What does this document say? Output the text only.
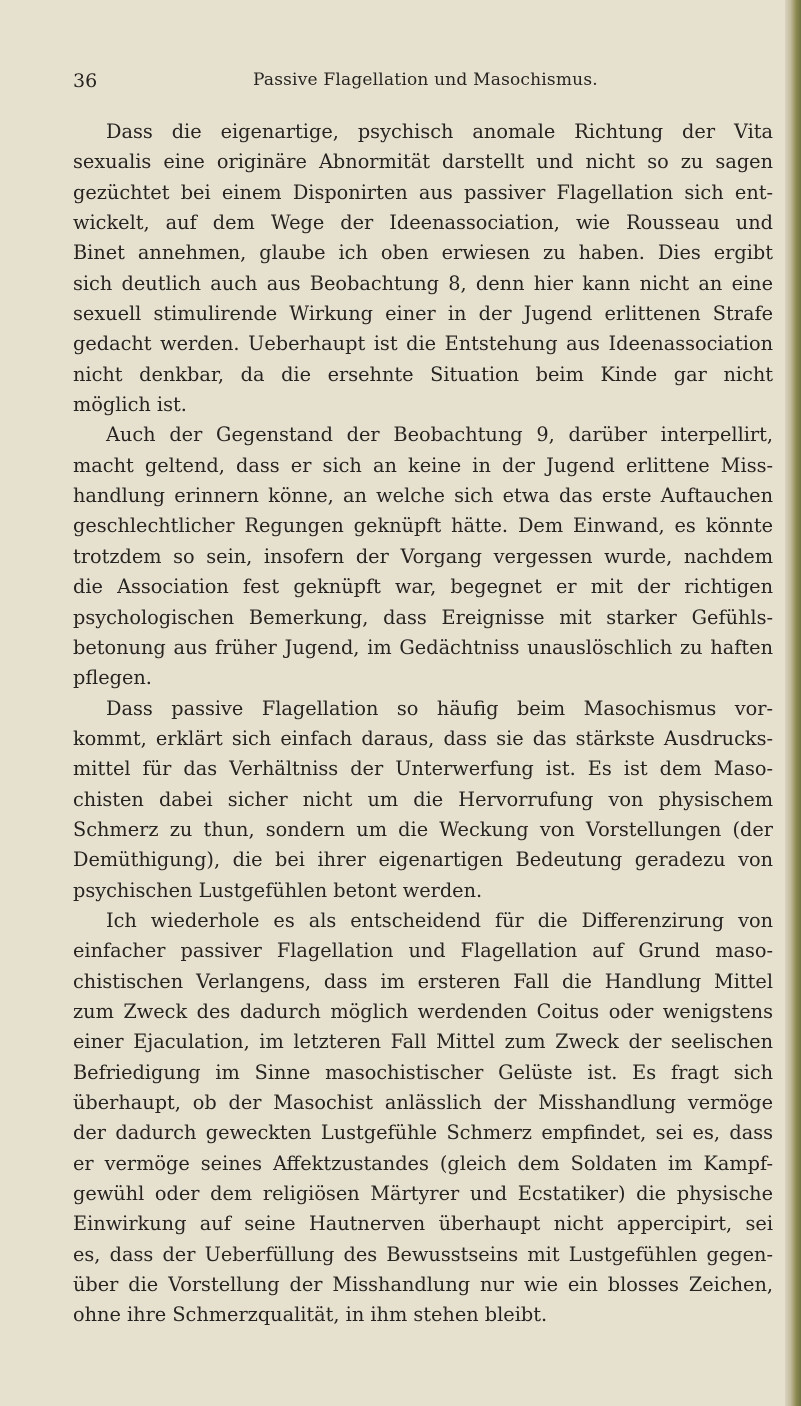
36	Passive Flagellation und Masochismus.
Dass die eigenartige, psychisch anomale Richtung der Vita
sexualis eine originäre Abnormität darstellt und nicht so zu sagen
gezüchtet bei einem Disponirten aus passiver Flagellation sich ent-
wickelt, auf dem Wege der Ideenassociation, wie Rousseau und
Binet annehmen, glaube ich oben erwiesen zu haben. Dies ergibt
sich deutlich auch aus Beobachtung 8, denn hier kann nicht an eine
sexuell stimulirende Wirkung einer in der Jugend erlittenen Strafe
gedacht werden. Ueberhaupt ist die Entstehung aus Ideenassociation
nicht denkbar, da die ersehnte Situation beim Kinde gar nicht
möglich ist.
Auch der Gegenstand der Beobachtung 9, darüber interpellirt,
macht geltend, dass er sich an keine in der Jugend erlittene Miss-
handlung erinnern könne, an welche sich etwa das erste Auftauchen
geschlechtlicher Regungen geknüpft hätte. Dem Einwand, es könnte
trotzdem so sein, insofern der Vorgang vergessen wurde, nachdem
die Association fest geknüpft war, begegnet er mit der richtigen
psychologischen Bemerkung, dass Ereignisse mit starker Gefühls-
betonung aus früher Jugend, im Gedächtniss unauslöschlich zu haften
pflegen.
Dass passive Flagellation so häufig beim Masochismus vor-
kommt, erklärt sich einfach daraus, dass sie das stärkste Ausdrucks-
mittel für das Verhältniss der Unterwerfung ist. Es ist dem Maso-
chisten dabei sicher nicht um die Hervorrufung von physischem
Schmerz zu thun, sondern um die Weckung von Vorstellungen (der
Demüthigung), die bei ihrer eigenartigen Bedeutung geradezu von
psychischen Lustgefühlen betont werden.
Ich wiederhole es als entscheidend für die Differenzirung von
einfacher passiver Flagellation und Flagellation auf Grund maso-
chistischen Verlangens, dass im ersteren Fall die Handlung Mittel
zum Zweck des dadurch möglich werdenden Coitus oder wenigstens
einer Ejaculation, im letzteren Fall Mittel zum Zweck der seelischen
Befriedigung im Sinne masochistischer Gelüste ist. Es fragt sich
überhaupt, ob der Masochist anlässlich der Misshandlung vermöge
der dadurch geweckten Lustgefühle Schmerz empfindet, sei es, dass
er vermöge seines Affektzustandes (gleich dem Soldaten im Kampf-
gewühl oder dem religiösen Märtyrer und Ecstatiker) die physische
Einwirkung auf seine Hautnerven überhaupt nicht appercipirt, sei
es, dass der Ueberfüllung des Bewusstseins mit Lustgefühlen gegen-
über die Vorstellung der Misshandlung nur wie ein blosses Zeichen,
ohne ihre Schmerzqualität, in ihm stehen bleibt.
